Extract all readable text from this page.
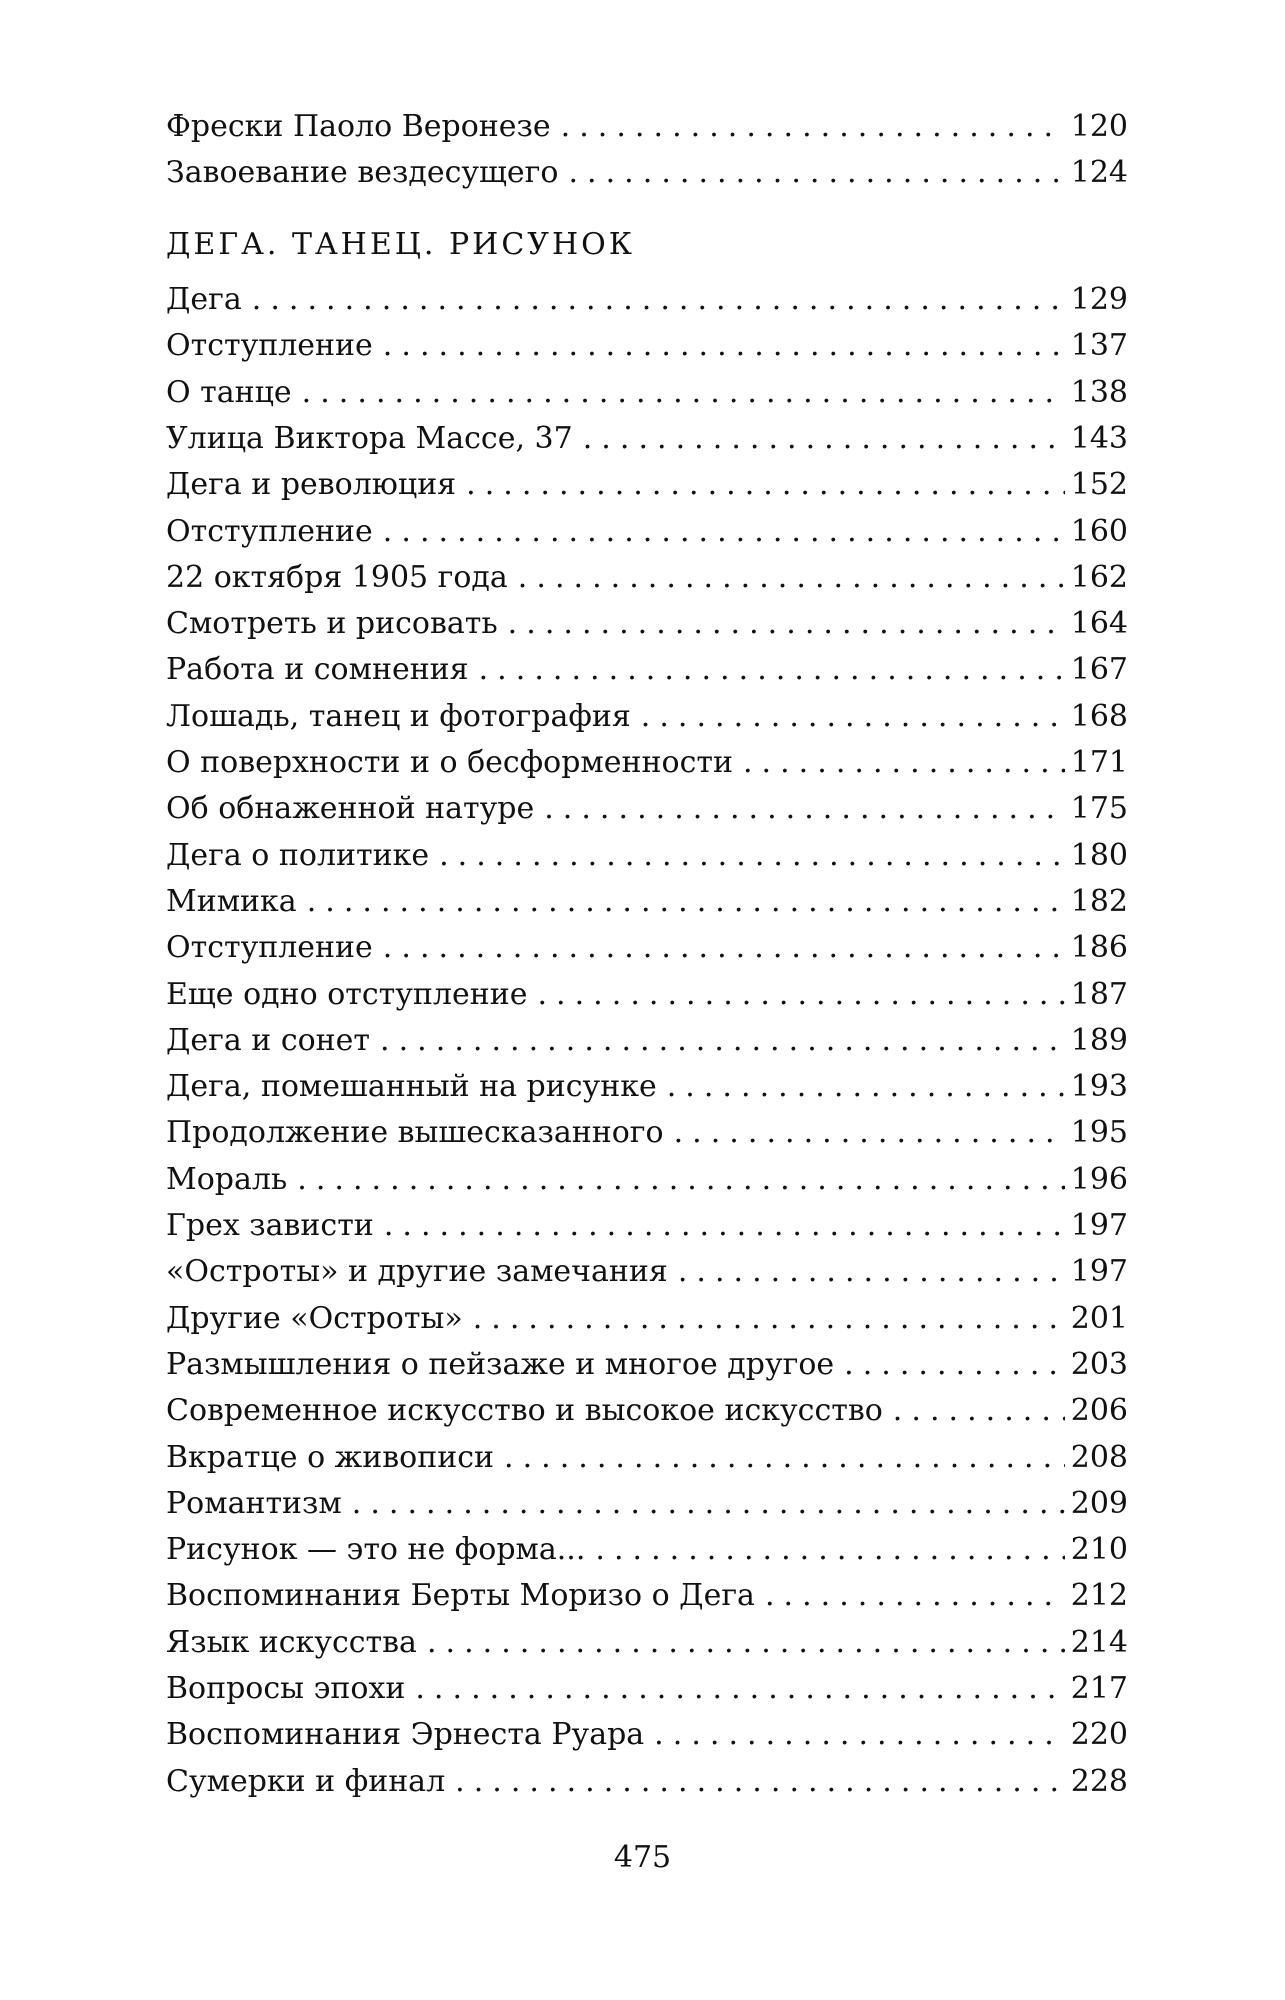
Фрески Паоло Веронезе . . .	120
Завоевание вездесущего . . .	124
ДЕГА. ТАНЕЦ. РИСУНОК
Дега . . .	129
Отступление . . .	137
О танце . . .	138
Улица Виктора Массе, 37 . . .	143
Дега и революция . . .	152
Отступление . . .	160
22 октября 1905 года . . .	162
Смотреть и рисовать . . .	164
Работа и сомнения . . .	167
Лошадь, танец и фотография . . .	168
О поверхности и о бесформенности . . .	171
Об обнаженной натуре . . .	175
Дега о политике . . .	180
Мимика . . .	182
Отступление . . .	186
Еще одно отступление . . .	187
Дега и сонет . . .	189
Дега, помешанный на рисунке . . .	193
Продолжение вышесказанного . . .	195
Мораль . . .	196
Грех зависти . . .	197
«Остроты» и другие замечания . . .	197
Другие «Остроты» . . .	201
Размышления о пейзаже и многое другое . . .	203
Современное искусство и высокое искусство . . .	206
Вкратце о живописи . . .	208
Романтизм . . .	209
Рисунок — это не форма... . . .	210
Воспоминания Берты Моризо о Дега . . .	212
Язык искусства . . .	214
Вопросы эпохи . . .	217
Воспоминания Эрнеста Руара . . .	220
Сумерки и финал . . .	228
475
